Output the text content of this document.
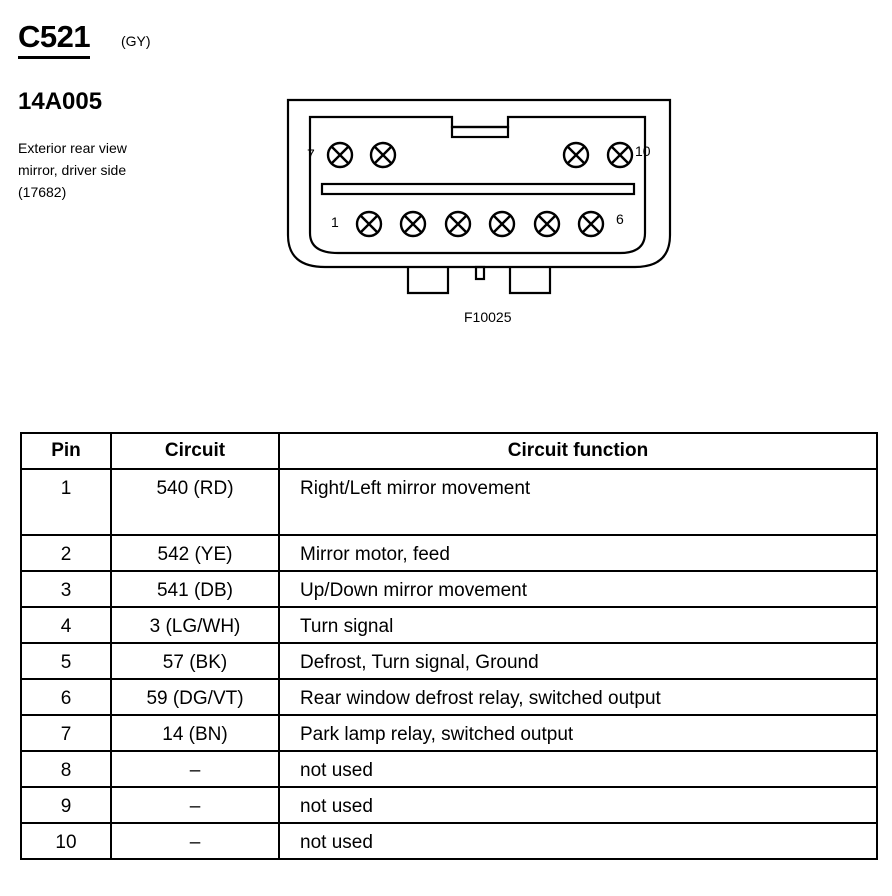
C521 (GY)
14A005
Exterior rear view
mirror, driver side
(17682)
7	10
1	6
F10025
Pin	Circuit	Circuit function
1	540 (RD)	Right/Left mirror movement
2	542 (YE)	Mirror motor, feed
3	541 (DB)	Up/Down mirror movement
4	3 (LG/WH)	Turn signal
5	57 (BK)	Defrost, Turn signal, Ground
6	59 (DG/VT)	Rear window defrost relay, switched output
7	14 (BN)	Park lamp relay, switched output
8	–	not used
9	–	not used
10	–	not used
